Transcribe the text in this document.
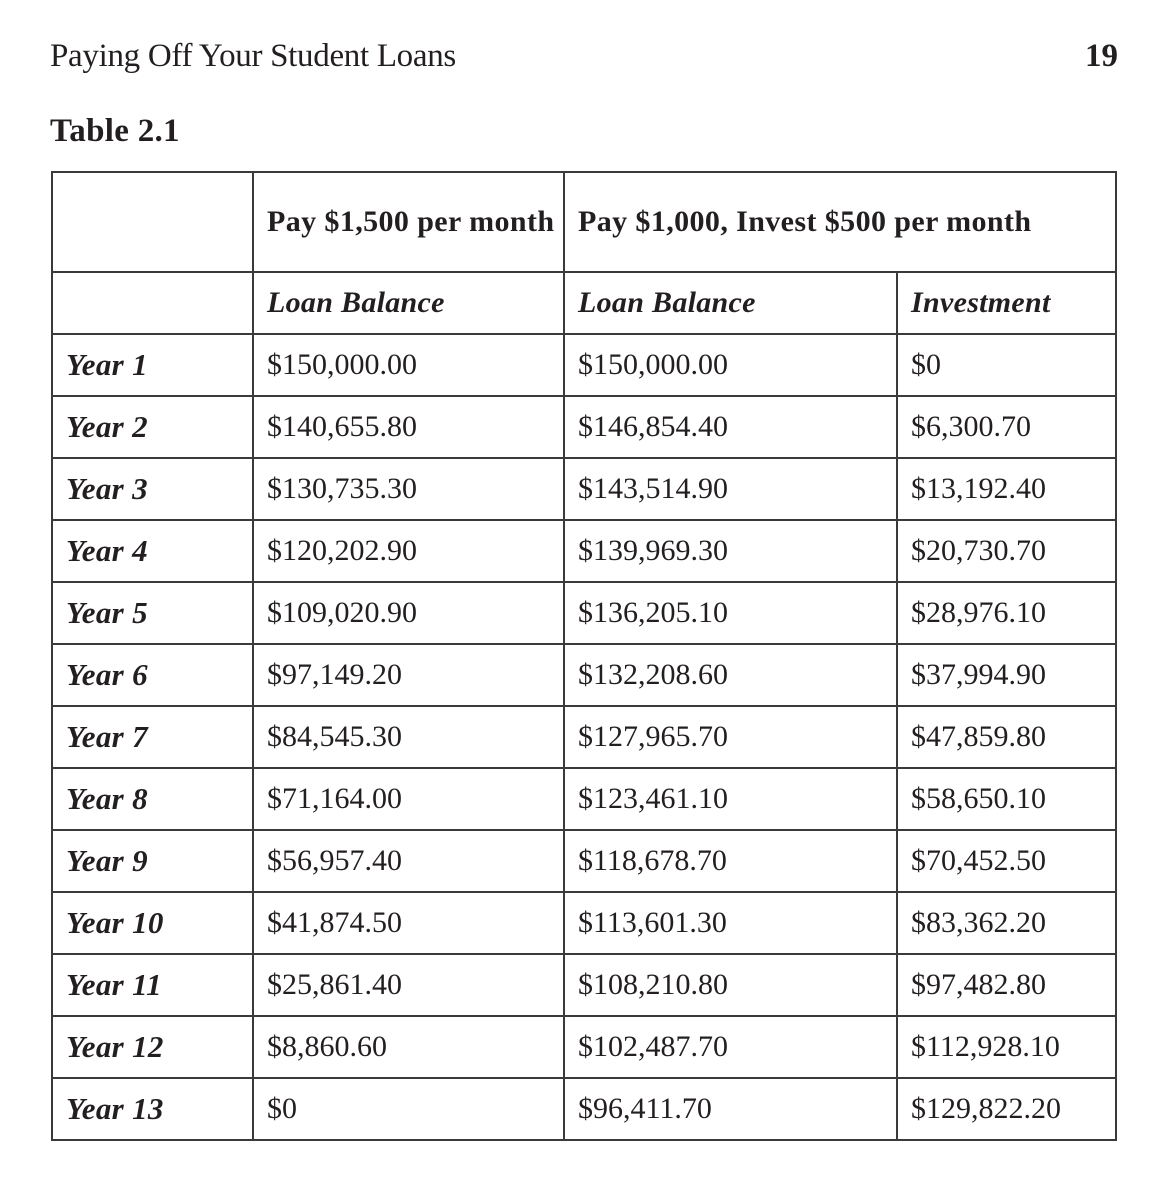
Paying Off Your Student Loans	19
Table 2.1
	Pay $1,500 per month	Pay $1,000, Invest $500 per month	
	Loan Balance	Loan Balance	Investment
Year 1	$150,000.00	$150,000.00	$0
Year 2	$140,655.80	$146,854.40	$6,300.70
Year 3	$130,735.30	$143,514.90	$13,192.40
Year 4	$120,202.90	$139,969.30	$20,730.70
Year 5	$109,020.90	$136,205.10	$28,976.10
Year 6	$97,149.20	$132,208.60	$37,994.90
Year 7	$84,545.30	$127,965.70	$47,859.80
Year 8	$71,164.00	$123,461.10	$58,650.10
Year 9	$56,957.40	$118,678.70	$70,452.50
Year 10	$41,874.50	$113,601.30	$83,362.20
Year 11	$25,861.40	$108,210.80	$97,482.80
Year 12	$8,860.60	$102,487.70	$112,928.10
Year 13	$0	$96,411.70	$129,822.20
